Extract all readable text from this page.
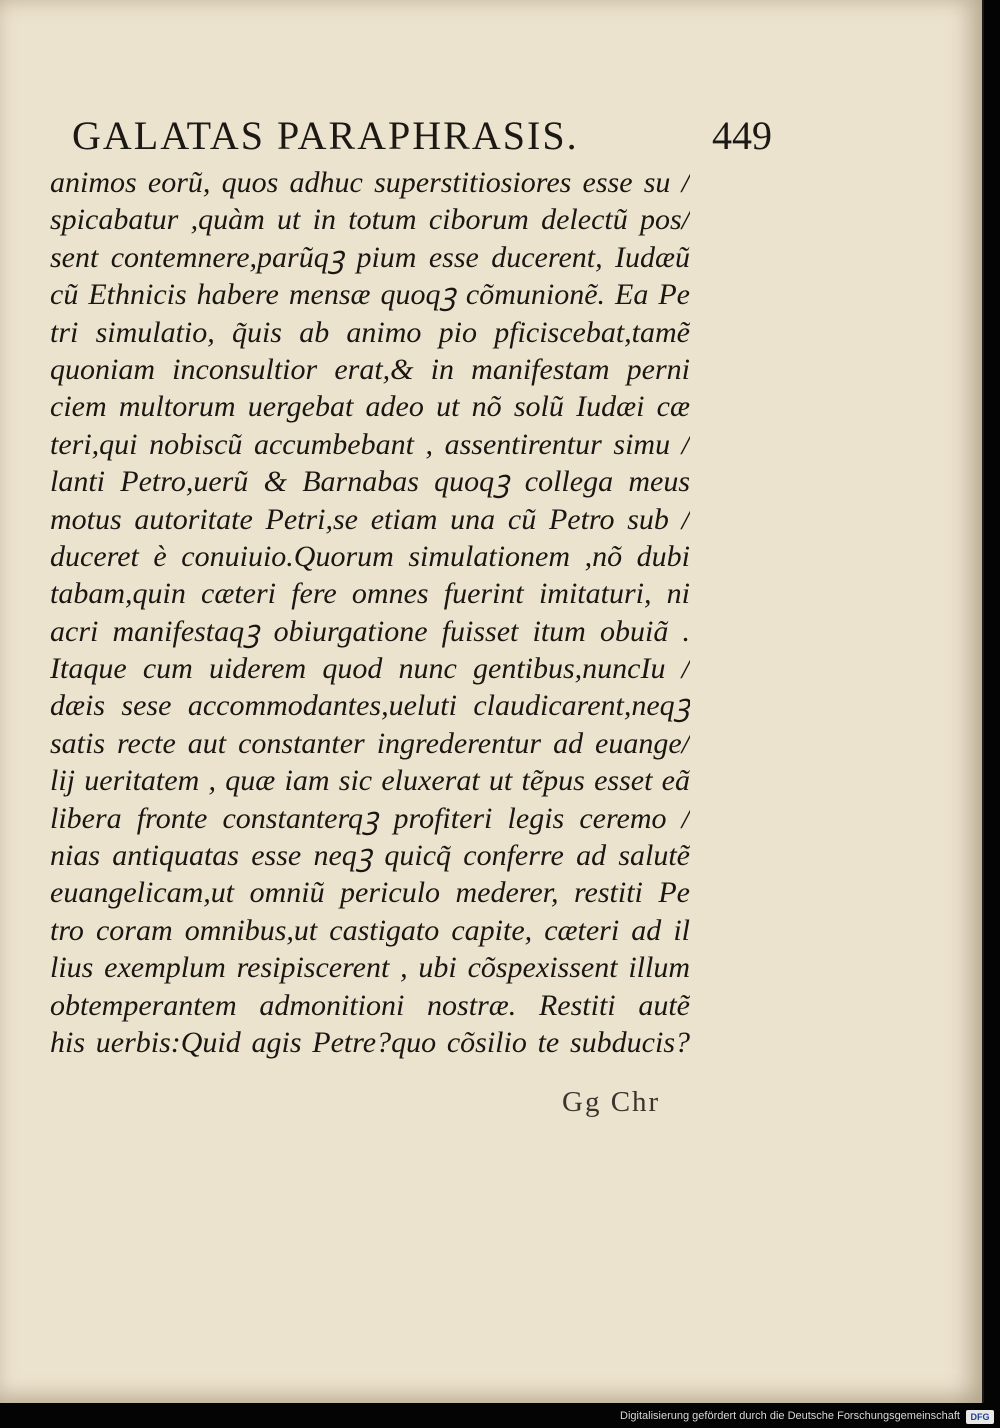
GALATAS PARAPHRASIS.	449
animos eorũ, quos adhuc superstitiosiores esse su /
spicabatur ,quàm ut in totum ciborum delectũ pos/
sent contemnere,parũqꝫ pium esse ducerent, Iudæũ
cũ Ethnicis habere mensæ quoqꝫ cõmunionẽ. Ea Pe
tri simulatio, q̃uis ab animo pio pficiscebat,tamẽ
quoniam inconsultior erat,& in manifestam perni
ciem multorum uergebat adeo ut nõ solũ Iudæi cæ
teri,qui nobiscũ accumbebant , assentirentur simu /
lanti Petro,uerũ & Barnabas quoqꝫ collega meus
motus autoritate Petri,se etiam una cũ Petro sub /
duceret è conuiuio.Quorum simulationem ,nõ dubi
tabam,quin cæteri fere omnes fuerint imitaturi, ni
acri manifestaqꝫ obiurgatione fuisset itum obuiã .
Itaque cum uiderem quod nunc gentibus,nuncIu /
dæis sese accommodantes,ueluti claudicarent,neqꝫ
satis recte aut constanter ingrederentur ad euange/
lij ueritatem , quæ iam sic eluxerat ut tẽpus esset eã
libera fronte constanterqꝫ profiteri legis ceremo /
nias antiquatas esse neqꝫ quicq̃ conferre ad salutẽ
euangelicam,ut omniũ periculo mederer, restiti Pe
tro coram omnibus,ut castigato capite, cæteri ad il
lius exemplum resipiscerent , ubi cõspexissent illum
obtemperantem admonitioni nostræ. Restiti autẽ
his uerbis:Quid agis Petre?quo cõsilio te subducis?
Gg Chr
Digitalisierung gefördert durch die Deutsche Forschungsgemeinschaft	DFG
